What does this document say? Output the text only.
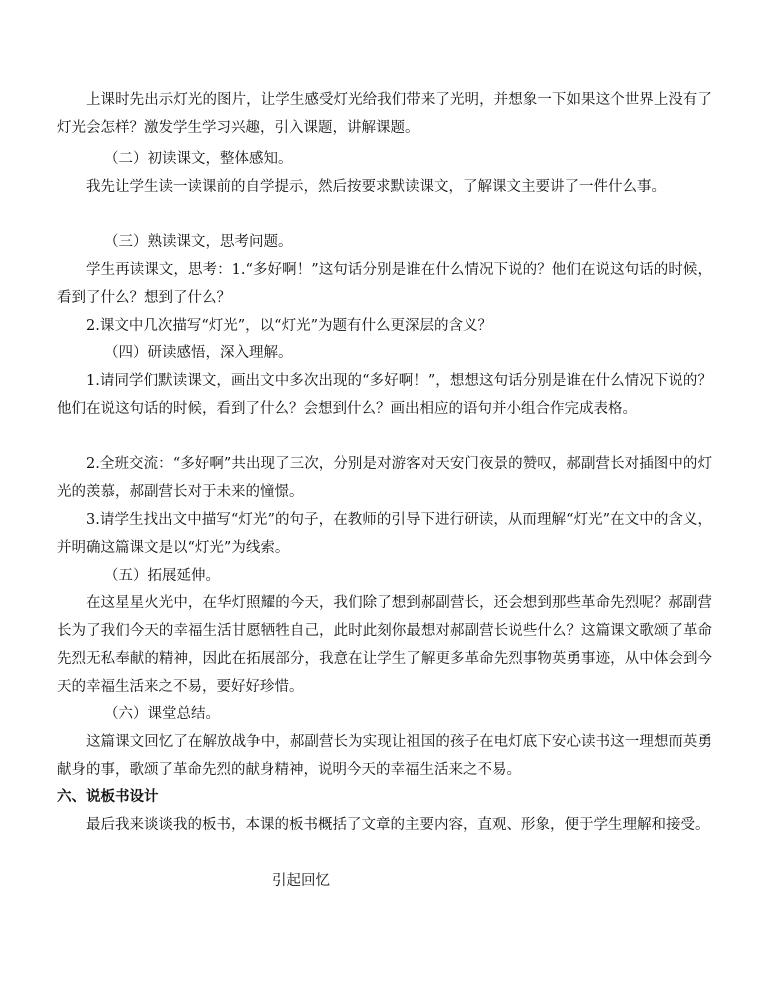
上课时先出示灯光的图片，让学生感受灯光给我们带来了光明，并想象一下如果这个世界上没有了灯光会怎样？激发学生学习兴趣，引入课题，讲解课题。

（二）初读课文，整体感知。

我先让学生读一读课前的自学提示，然后按要求默读课文，了解课文主要讲了一件什么事。

（三）熟读课文，思考问题。

学生再读课文，思考：1.“多好啊！”这句话分别是谁在什么情况下说的？他们在说这句话的时候，看到了什么？想到了什么？

2.课文中几次描写“灯光”，以“灯光”为题有什么更深层的含义？

（四）研读感悟，深入理解。

1.请同学们默读课文，画出文中多次出现的“多好啊！”，想想这句话分别是谁在什么情况下说的？他们在说这句话的时候，看到了什么？会想到什么？画出相应的语句并小组合作完成表格。

2.全班交流：“多好啊”共出现了三次，分别是对游客对天安门夜景的赞叹，郝副营长对插图中的灯光的羡慕，郝副营长对于未来的憧憬。

3.请学生找出文中描写“灯光”的句子，在教师的引导下进行研读，从而理解“灯光”在文中的含义，并明确这篇课文是以“灯光”为线索。

（五）拓展延伸。

在这星星火光中，在华灯照耀的今天，我们除了想到郝副营长，还会想到那些革命先烈呢？郝副营长为了我们今天的幸福生活甘愿牺牲自己，此时此刻你最想对郝副营长说些什么？这篇课文歌颂了革命先烈无私奉献的精神，因此在拓展部分，我意在让学生了解更多革命先烈事物英勇事迹，从中体会到今天的幸福生活来之不易，要好好珍惜。

（六）课堂总结。

这篇课文回忆了在解放战争中，郝副营长为实现让祖国的孩子在电灯底下安心读书这一理想而英勇献身的事，歌颂了革命先烈的献身精神，说明今天的幸福生活来之不易。

六、说板书设计

最后我来谈谈我的板书，本课的板书概括了文章的主要内容，直观、形象，便于学生理解和接受。

引起回忆
